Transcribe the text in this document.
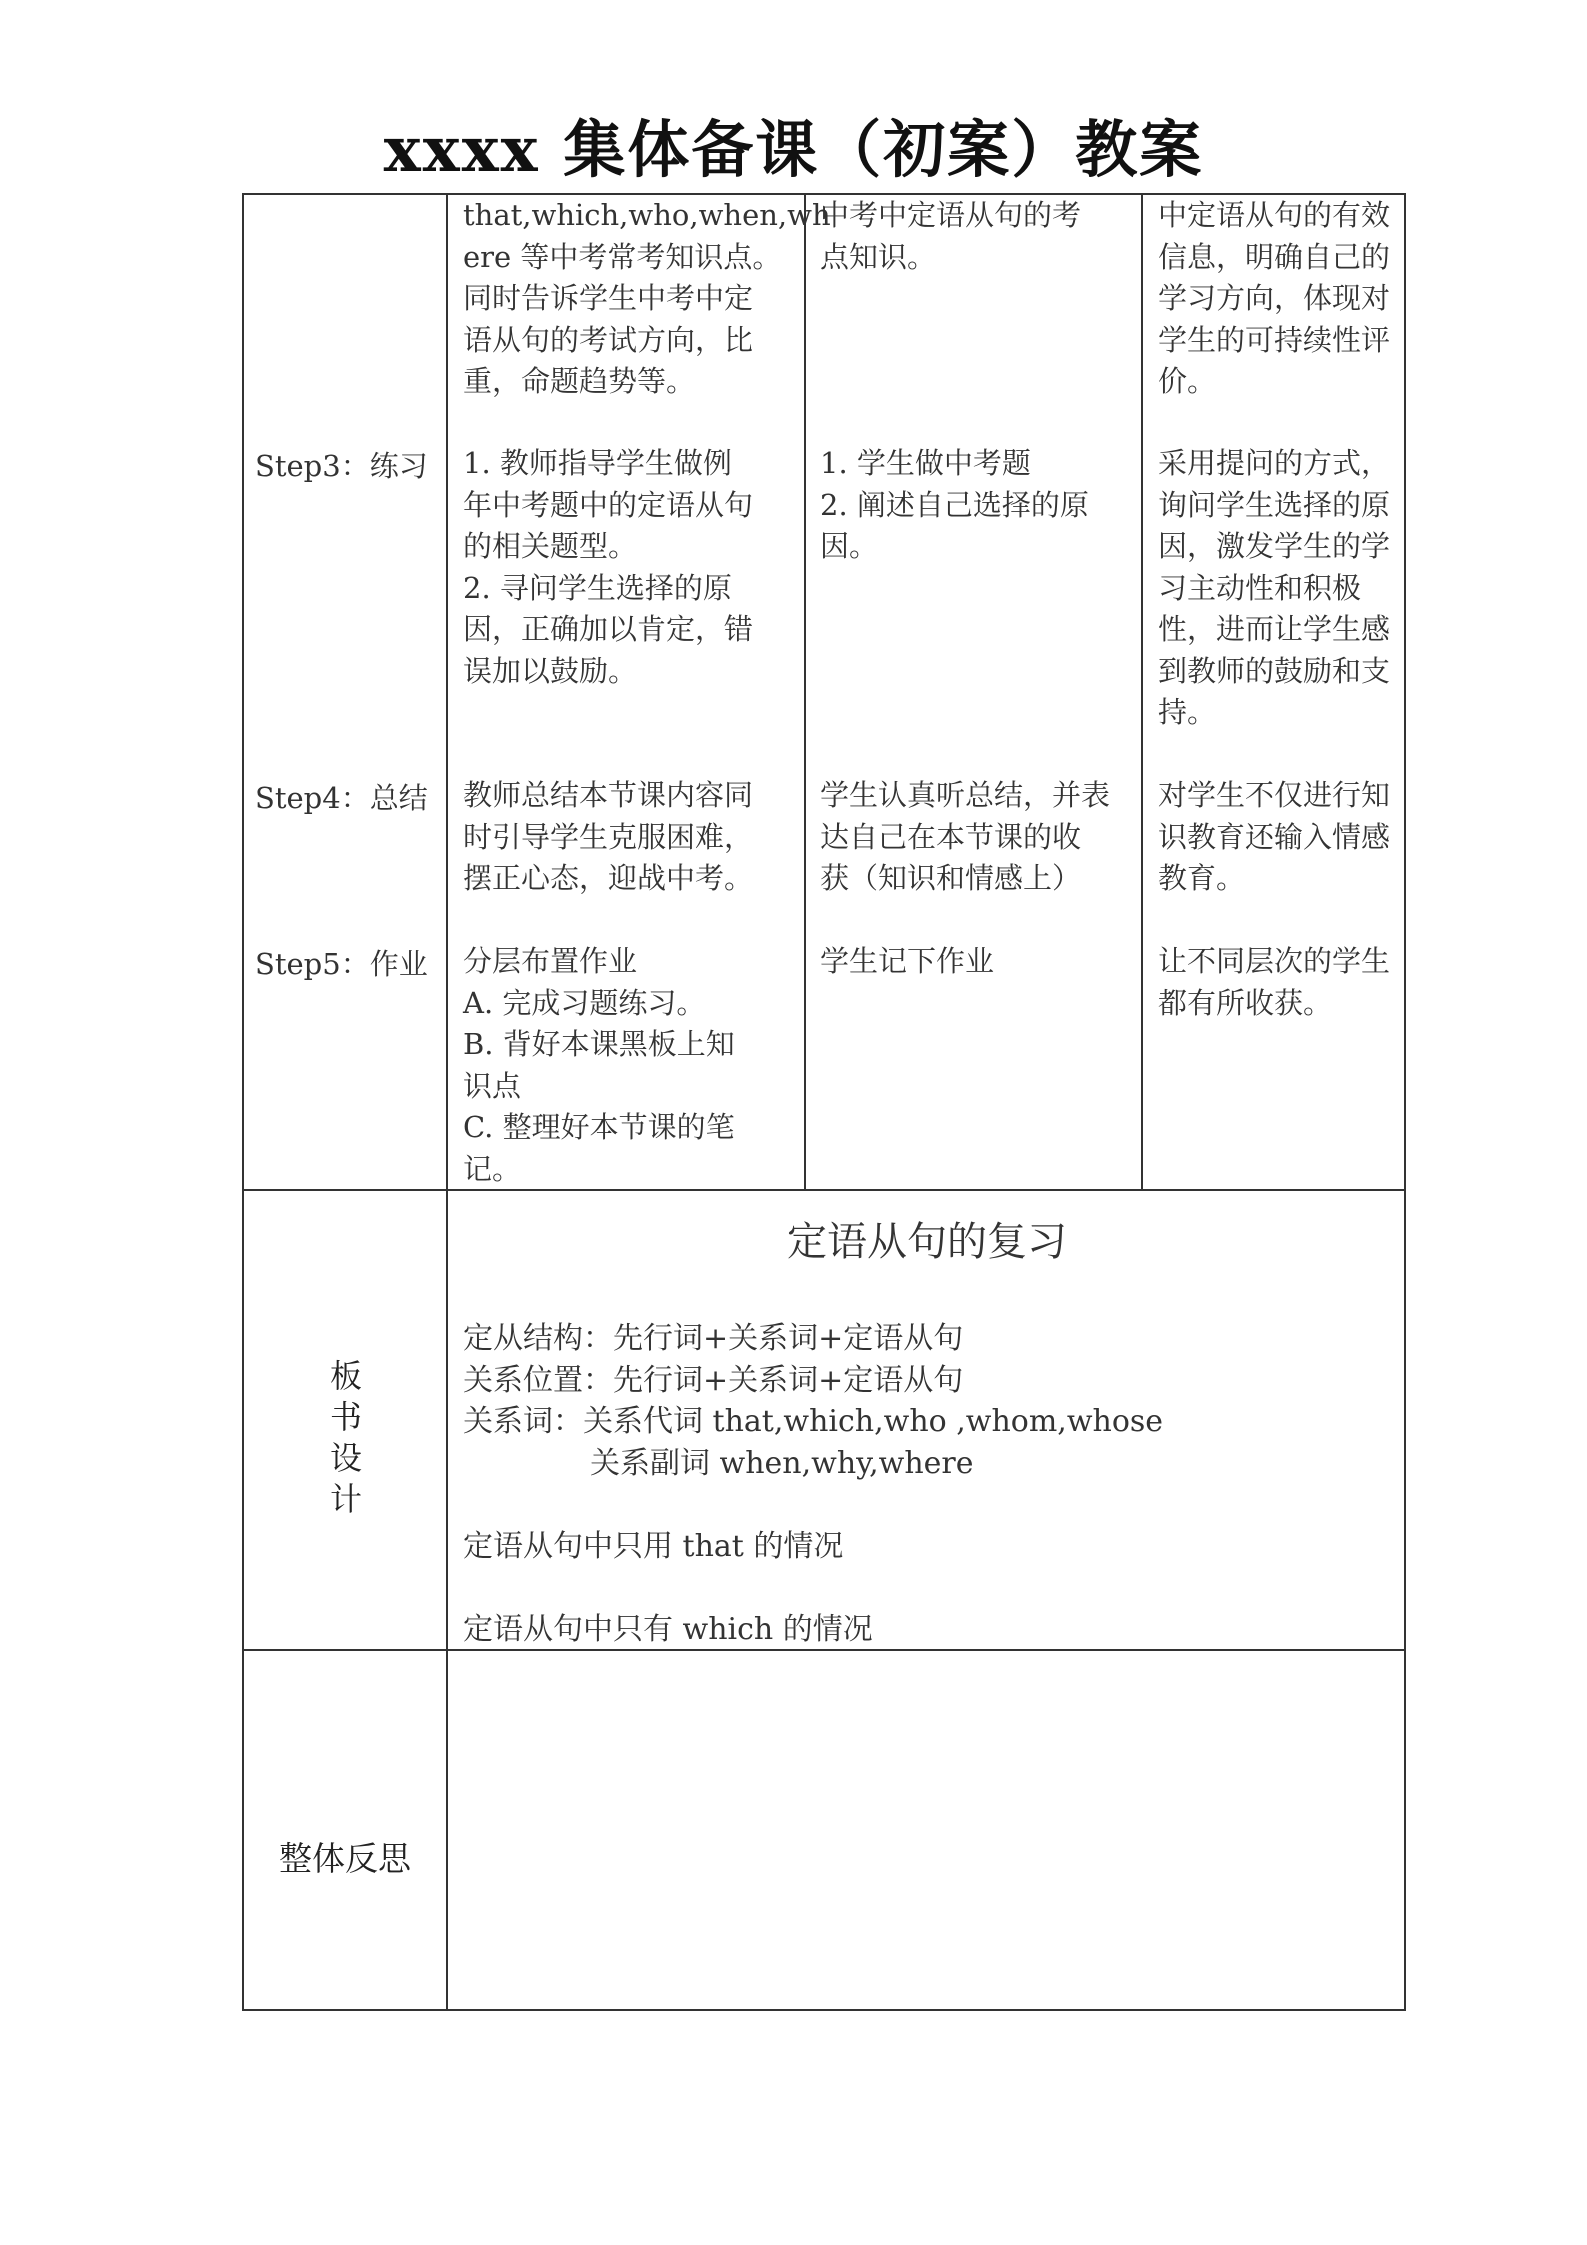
xxxx 集体备课（初案）教案
that,which,who,when,wh
ere 等中考常考知识点。
同时告诉学生中考中定
语从句的考试方向，比
重，命题趋势等。
中考中定语从句的考
点知识。
中定语从句的有效
信息，明确自己的
学习方向，体现对
学生的可持续性评
价。
Step3：练习 1. 教师指导学生做例
年中考题中的定语从句
的相关题型。
2. 寻问学生选择的原
因，正确加以肯定，错
误加以鼓励。
1. 学生做中考题
2. 阐述自己选择的原
因。
采用提问的方式，
询问学生选择的原
因，激发学生的学
习主动性和积极
性，进而让学生感
到教师的鼓励和支
持。
Step4：总结 教师总结本节课内容同
时引导学生克服困难，
摆正心态，迎战中考。
学生认真听总结，并表
达自己在本节课的收
获（知识和情感上）
对学生不仅进行知
识教育还输入情感
教育。
Step5：作业 分层布置作业
A. 完成习题练习。
B. 背好本课黑板上知
识点
C. 整理好本节课的笔
记。
学生记下作业	让不同层次的学生
都有所收获。
板
书
设
计
定语从句的复习
定从结构：先行词+关系词+定语从句
关系位置：先行词+关系词+定语从句
关系词：关系代词 that,which,who ,whom,whose
关系副词 when,why,where
定语从句中只用 that 的情况
定语从句中只有 which 的情况
整体反思
